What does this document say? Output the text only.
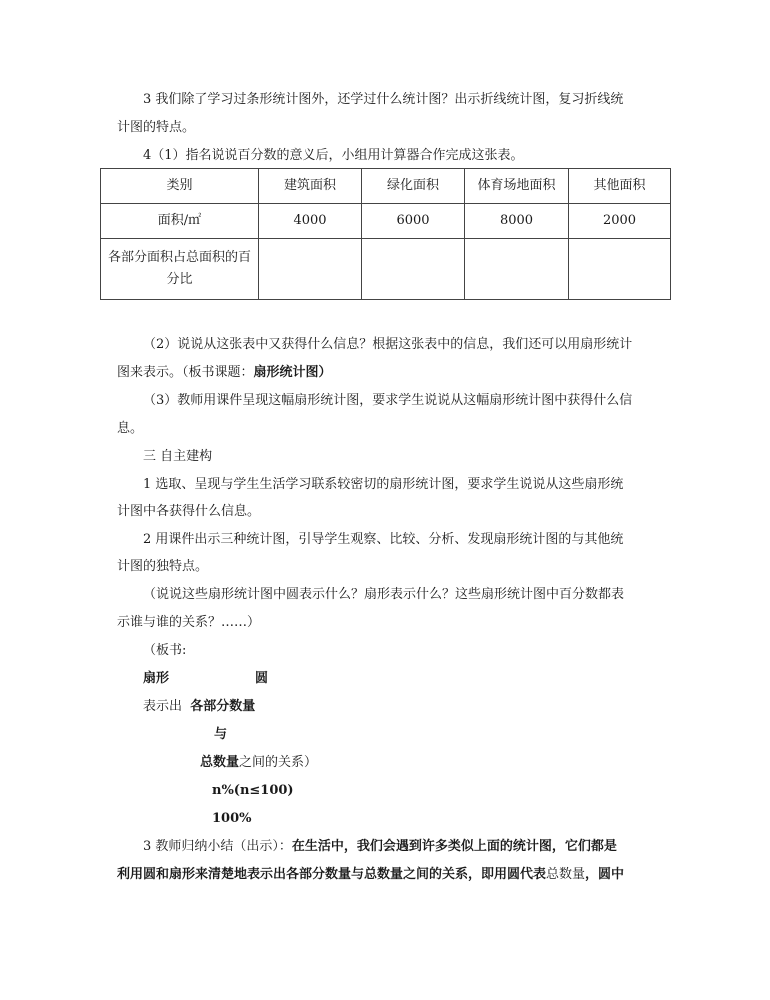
3 我们除了学习过条形统计图外，还学过什么统计图？出示折线统计图，复习折线统
计图的特点。
4（1）指名说说百分数的意义后，小组用计算器合作完成这张表。
类别	建筑面积	绿化面积	体育场地面积	其他面积
面积/㎡	4000	6000	8000	2000
各部分面积占总面积的百分比				
（2）说说从这张表中又获得什么信息？根据这张表中的信息，我们还可以用扇形统计
图来表示。（板书课题：扇形统计图）
（3）教师用课件呈现这幅扇形统计图，要求学生说说从这幅扇形统计图中获得什么信
息。
三 自主建构
1 选取、呈现与学生生活学习联系较密切的扇形统计图，要求学生说说从这些扇形统
计图中各获得什么信息。
2 用课件出示三种统计图，引导学生观察、比较、分析、发现扇形统计图的与其他统
计图的独特点。
（说说这些扇形统计图中圆表示什么？扇形表示什么？这些扇形统计图中百分数都表
示谁与谁的关系？……）
（板书:
扇形	圆
表示出 各部分数量
与
总数量之间的关系）
n%(n≤100)
100%
3 教师归纳小结（出示）：在生活中，我们会遇到许多类似上面的统计图，它们都是
利用圆和扇形来清楚地表示出各部分数量与总数量之间的关系，即用圆代表总数量，圆中
